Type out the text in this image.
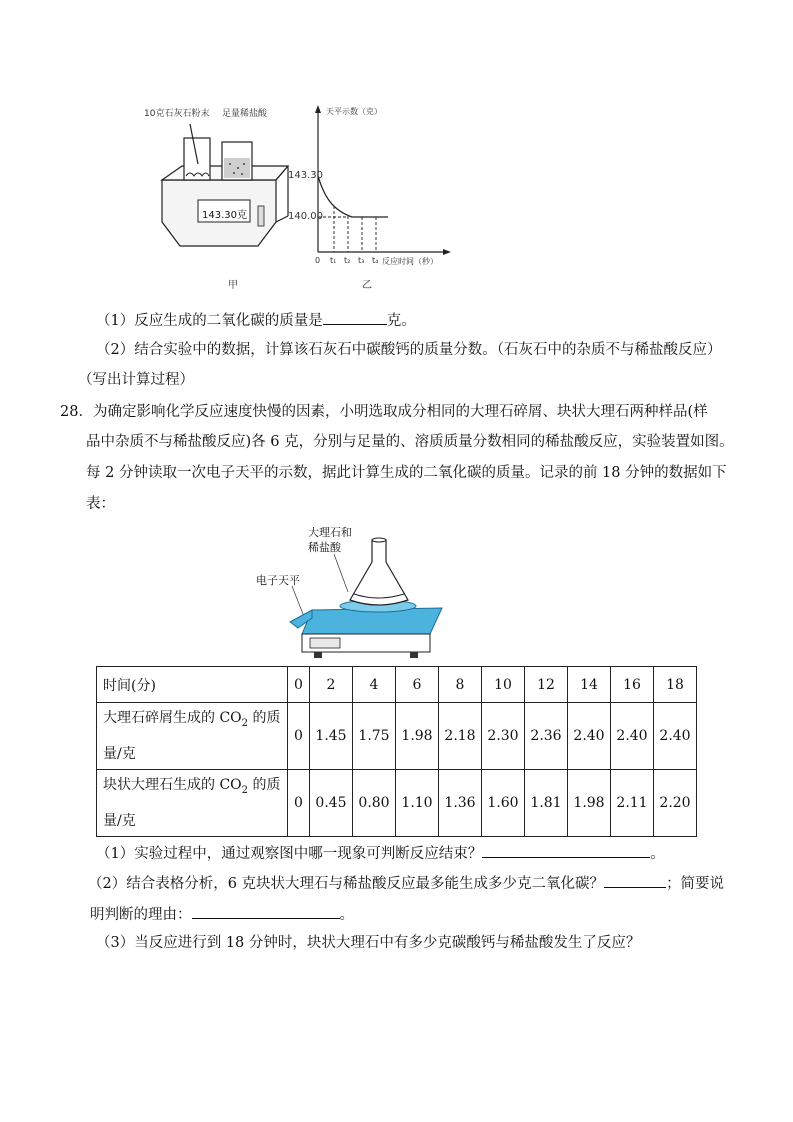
10克石灰石粉末 足量稀盐酸
143.30克
甲
天平示数（克）
143.30
140.00
0 t₁ t₂ t₃ t₄ 反应时间（秒）
乙
（1）反应生成的二氧化碳的质量是	克。
（2）结合实验中的数据，计算该石灰石中碳酸钙的质量分数。（石灰石中的杂质不与稀盐酸反应）
（写出计算过程）
28．为确定影响化学反应速度快慢的因素，小明选取成分相同的大理石碎屑、块状大理石两种样品(样
品中杂质不与稀盐酸反应)各 6 克，分别与足量的、溶质质量分数相同的稀盐酸反应，实验装置如图。
每 2 分钟读取一次电子天平的示数，据此计算生成的二氧化碳的质量。记录的前 18 分钟的数据如下
表：
大理石和
稀盐酸
电子天平
时间(分)	0	2	4	6	8	10	12	14	16	18
大理石碎屑生成的 $CO_2$ 的质
量/克	0	1.45	1.75	1.98	2.18	2.30	2.36	2.40	2.40	2.40
块状大理石生成的 $CO_2$ 的质
量/克	0	0.45	0.80	1.10	1.36	1.60	1.81	1.98	2.11	2.20
（1）实验过程中，通过观察图中哪一现象可判断反应结束？	。
（2）结合表格分析，6 克块状大理石与稀盐酸反应最多能生成多少克二氧化碳？	；简要说
明判断的理由：	。
（3）当反应进行到 18 分钟时，块状大理石中有多少克碳酸钙与稀盐酸发生了反应？
